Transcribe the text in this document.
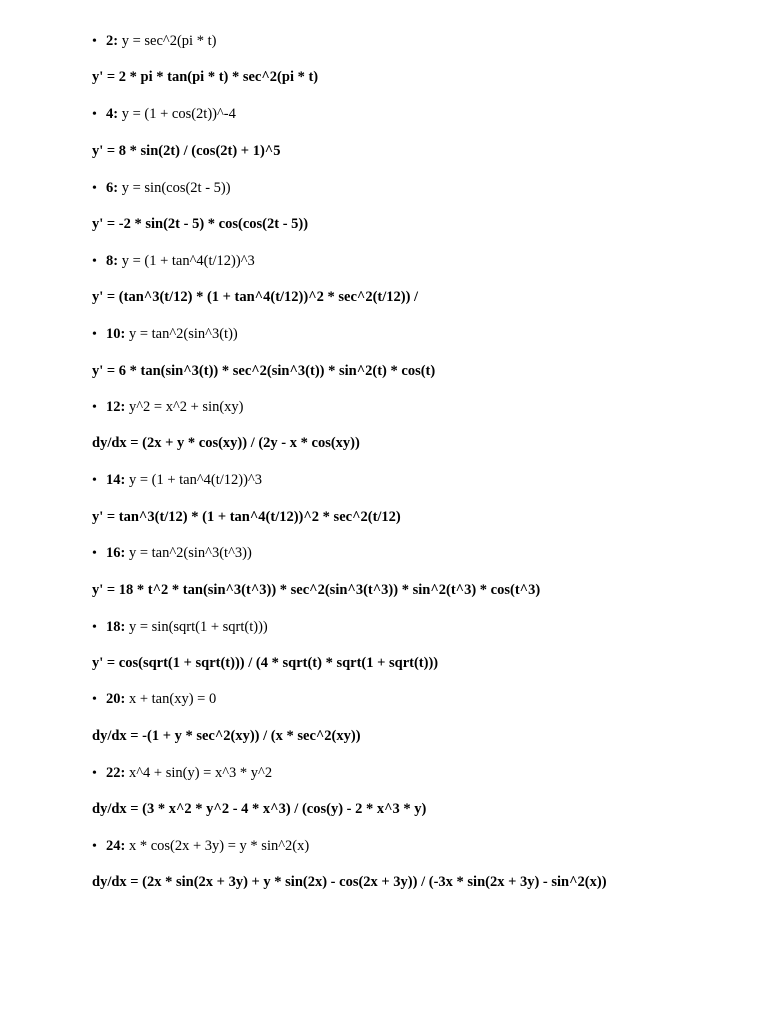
• 2: y = sec^2(pi * t)
y' = 2 * pi * tan(pi * t) * sec^2(pi * t)
• 4: y = (1 + cos(2t))^-4
y' = 8 * sin(2t) / (cos(2t) + 1)^5
• 6: y = sin(cos(2t - 5))
y' = -2 * sin(2t - 5) * cos(cos(2t - 5))
• 8: y = (1 + tan^4(t/12))^3
y' = (tan^3(t/12) * (1 + tan^4(t/12))^2 * sec^2(t/12)) /
• 10: y = tan^2(sin^3(t))
y' = 6 * tan(sin^3(t)) * sec^2(sin^3(t)) * sin^2(t) * cos(t)
• 12: y^2 = x^2 + sin(xy)
dy/dx = (2x + y * cos(xy)) / (2y - x * cos(xy))
• 14: y = (1 + tan^4(t/12))^3
y' = tan^3(t/12) * (1 + tan^4(t/12))^2 * sec^2(t/12)
• 16: y = tan^2(sin^3(t^3))
y' = 18 * t^2 * tan(sin^3(t^3)) * sec^2(sin^3(t^3)) * sin^2(t^3) * cos(t^3)
• 18: y = sin(sqrt(1 + sqrt(t)))
y' = cos(sqrt(1 + sqrt(t))) / (4 * sqrt(t) * sqrt(1 + sqrt(t)))
• 20: x + tan(xy) = 0
dy/dx = -(1 + y * sec^2(xy)) / (x * sec^2(xy))
• 22: x^4 + sin(y) = x^3 * y^2
dy/dx = (3 * x^2 * y^2 - 4 * x^3) / (cos(y) - 2 * x^3 * y)
• 24: x * cos(2x + 3y) = y * sin^2(x)
dy/dx = (2x * sin(2x + 3y) + y * sin(2x) - cos(2x + 3y)) / (-3x * sin(2x + 3y) - sin^2(x))
